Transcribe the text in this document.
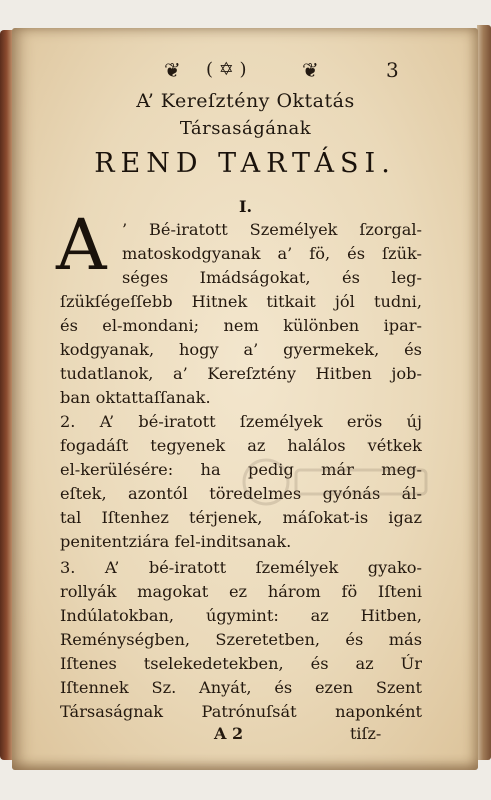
❦ ( ✡ )	❦	3
A’ Kereſztény Oktatás
Társaságának
REND TARTÁSI.
I.
A ’ Bé-iratott Személyek ſzorgal-
matoskodgyanak a’ fö, és ſzük-
séges Imádságokat, és leg-
ſzükſégeſſebb Hitnek titkait jól tudni,
és el-mondani; nem különben ipar-
kodgyanak, hogy a’ gyermekek, és
tudatlanok, a’ Kereſztény Hitben job-
ban oktattaſſanak.
2. A’ bé-iratott ſzemélyek erös új
fogadáſt tegyenek az halálos vétkek
el-kerülésére: ha pedig már meg-
eſtek, azontól töredelmes gyónás ál-
tal Iſtenhez térjenek, máſokat-is igaz
penitentziára fel-inditsanak.
3. A’ bé-iratott ſzemélyek gyako-
rollyák magokat ez három fö Iſteni
Indúlatokban, úgymint: az Hitben,
Reménységben, Szeretetben, és más
Iſtenes tselekedetekben, és az Úr
Iſtennek Sz. Anyát, és ezen Szent
Társaságnak Patrónuſsát naponként
A 2	tiſz-
